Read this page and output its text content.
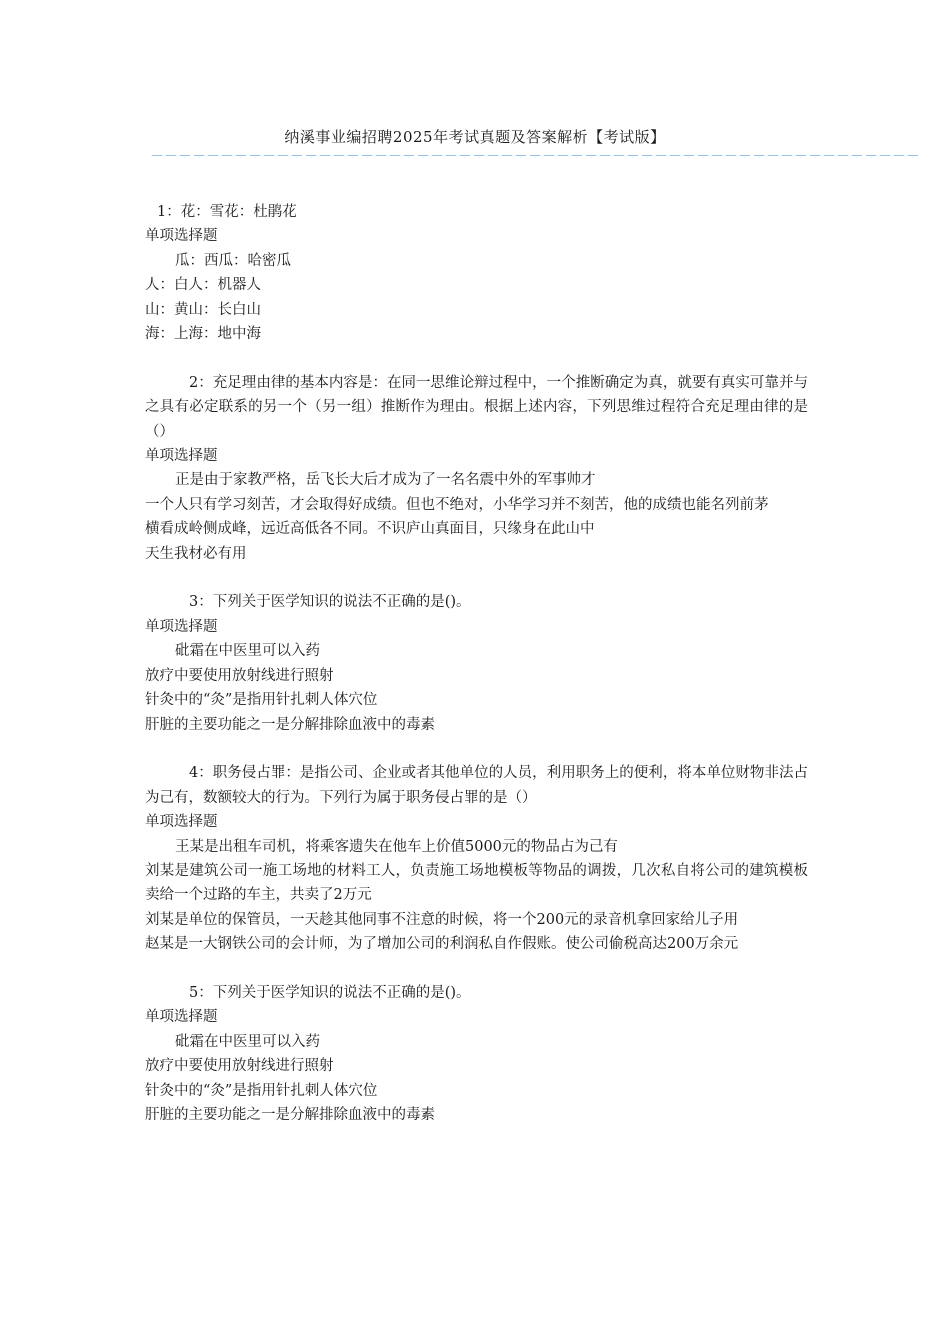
纳溪事业编招聘2025年考试真题及答案解析【考试版】
－－－－－－－－－－－－－－－－－－－－－－－－－－－－－－－－－－－－－－－－－－－－－－－－－－－－－－－
1：花：雪花：杜鹃花
单项选择题
瓜：西瓜：哈密瓜
人：白人：机器人
山：黄山：长白山
海：上海：地中海
2：充足理由律的基本内容是：在同一思维论辩过程中，一个推断确定为真，就要有真实可靠并与之具有必定联系的另一个（另一组）推断作为理由。根据上述内容，下列思维过程符合充足理由律的是（）
单项选择题
正是由于家教严格，岳飞长大后才成为了一名名震中外的军事帅才
一个人只有学习刻苦，才会取得好成绩。但也不绝对，小华学习并不刻苦，他的成绩也能名列前茅
横看成岭侧成峰，远近高低各不同。不识庐山真面目，只缘身在此山中
天生我材必有用
3：下列关于医学知识的说法不正确的是()。
单项选择题
砒霜在中医里可以入药
放疗中要使用放射线进行照射
针灸中的“灸”是指用针扎刺人体穴位
肝脏的主要功能之一是分解排除血液中的毒素
4：职务侵占罪：是指公司、企业或者其他单位的人员，利用职务上的便利，将本单位财物非法占为己有，数额较大的行为。下列行为属于职务侵占罪的是（）
单项选择题
王某是出租车司机，将乘客遗失在他车上价值5000元的物品占为己有
刘某是建筑公司一施工场地的材料工人，负责施工场地模板等物品的调拨，几次私自将公司的建筑模板卖给一个过路的车主，共卖了2万元
刘某是单位的保管员，一天趁其他同事不注意的时候，将一个200元的录音机拿回家给儿子用
赵某是一大钢铁公司的会计师，为了增加公司的利润私自作假账。使公司偷税高达200万余元
5：下列关于医学知识的说法不正确的是()。
单项选择题
砒霜在中医里可以入药
放疗中要使用放射线进行照射
针灸中的“灸”是指用针扎刺人体穴位
肝脏的主要功能之一是分解排除血液中的毒素
